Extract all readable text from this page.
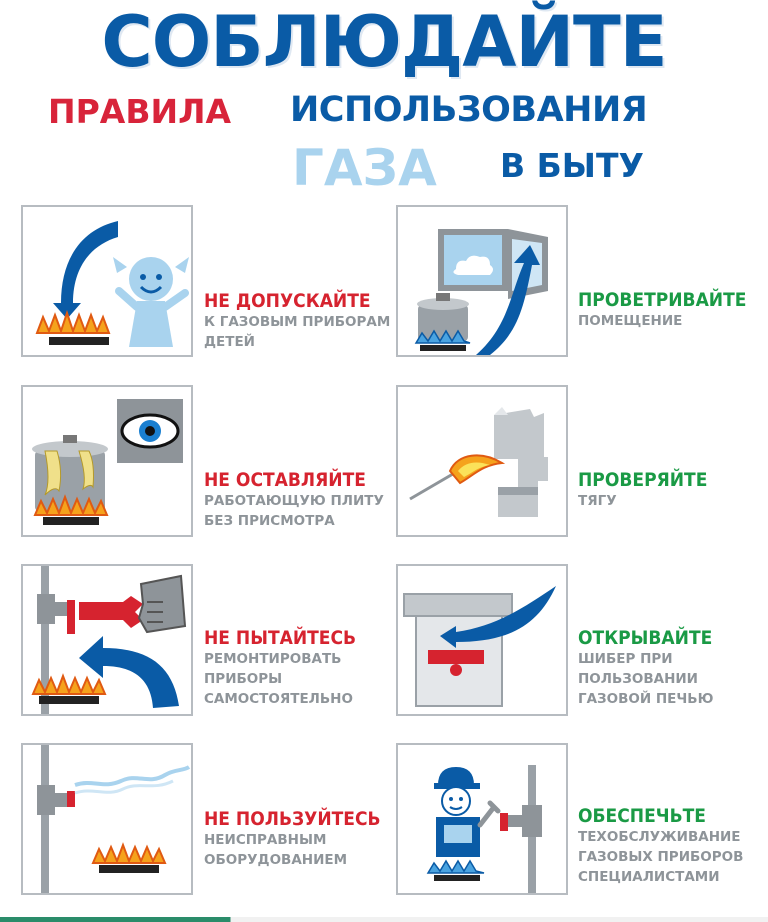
СОБЛЮДАЙТЕ
ПРАВИЛА ИСПОЛЬЗОВАНИЯ
ГАЗА В БЫТУ
НЕ ДОПУСКАЙТЕ
К ГАЗОВЫМ ПРИБОРАМ
ДЕТЕЙ
НЕ ОСТАВЛЯЙТЕ
РАБОТАЮЩУЮ ПЛИТУ
БЕЗ ПРИСМОТРА
НЕ ПЫТАЙТЕСЬ
РЕМОНТИРОВАТЬ
ПРИБОРЫ
САМОСТОЯТЕЛЬНО
НЕ ПОЛЬЗУЙТЕСЬ
НЕИСПРАВНЫМ
ОБОРУДОВАНИЕМ
ПРОВЕТРИВАЙТЕ
ПОМЕЩЕНИЕ
ПРОВЕРЯЙТЕ
ТЯГУ
ОТКРЫВАЙТЕ
ШИБЕР ПРИ
ПОЛЬЗОВАНИИ
ГАЗОВОЙ ПЕЧЬЮ
ОБЕСПЕЧЬТЕ
ТЕХОБСЛУЖИВАНИЕ
ГАЗОВЫХ ПРИБОРОВ
СПЕЦИАЛИСТАМИ
